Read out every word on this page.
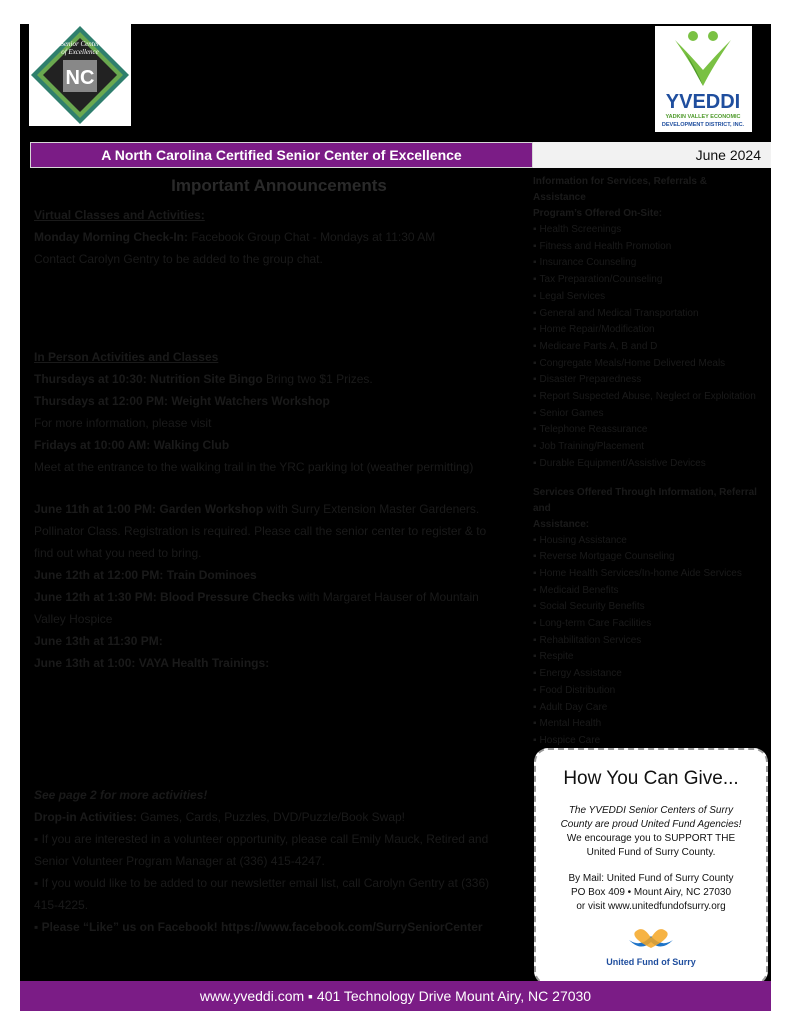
Senior Center
of Excellence
NC
YVEDDI
YADKIN VALLEY ECONOMIC
DEVELOPMENT DISTRICT, INC.
A North Carolina Certified Senior Center of Excellence	June 2024
Important Announcements
Virtual Classes and Activities:
Monday Morning Check-In: Facebook Group Chat - Mondays at 11:30 AM
Contact Carolyn Gentry to be added to the group chat.
In Person Activities and Classes
Thursdays at 10:30: Nutrition Site Bingo Bring two $1 Prizes.
Thursdays at 12:00 PM: Weight Watchers Workshop
For more information, please visit
Fridays at 10:00 AM: Walking Club
Meet at the entrance to the walking trail in the YRC parking lot (weather permitting)
June 11th at 1:00 PM: Garden Workshop with Surry Extension Master Gardeners.
Pollinator Class. Registration is required. Please call the senior center to register & to
find out what you need to bring.
June 12th at 12:00 PM: Train Dominoes
June 12th at 1:30 PM: Blood Pressure Checks with Margaret Hauser of Mountain
Valley Hospice
June 13th at 11:30 PM:
June 13th at 1:00: VAYA Health Trainings:
See page 2 for more activities!
Drop-in Activities: Games, Cards, Puzzles, DVD/Puzzle/Book Swap!
▪ If you are interested in a volunteer opportunity, please call Emily Mauck, Retired and
Senior Volunteer Program Manager at (336) 415-4247.
▪ If you would like to be added to our newsletter email list, call Carolyn Gentry at (336)
415-4225.
▪ Please “Like” us on Facebook! https://www.facebook.com/SurrySeniorCenter
Information for Services, Referrals &
Assistance
Program’s Offered On-Site:
▪ Health Screenings
▪ Fitness and Health Promotion
▪ Insurance Counseling
▪ Tax Preparation/Counseling
▪ Legal Services
▪ General and Medical Transportation
▪ Home Repair/Modification
▪ Medicare Parts A, B and D
▪ Congregate Meals/Home Delivered Meals
▪ Disaster Preparedness
▪ Report Suspected Abuse, Neglect or Exploitation
▪ Senior Games
▪ Telephone Reassurance
▪ Job Training/Placement
▪ Durable Equipment/Assistive Devices
Services Offered Through Information, Referral and
Assistance:
▪ Housing Assistance
▪ Reverse Mortgage Counseling
▪ Home Health Services/In-home Aide Services
▪ Medicaid Benefits
▪ Social Security Benefits
▪ Long-term Care Facilities
▪ Rehabilitation Services
▪ Respite
▪ Energy Assistance
▪ Food Distribution
▪ Adult Day Care
▪ Mental Health
▪ Hospice Care
How You Can Give...
The YVEDDI Senior Centers of Surry
County are proud United Fund Agencies!
We encourage you to SUPPORT THE
United Fund of Surry County.
By Mail: United Fund of Surry County
PO Box 409 • Mount Airy, NC 27030
or visit www.unitedfundofsurry.org
United Fund of Surry
www.yveddi.com ▪ 401 Technology Drive Mount Airy, NC 27030
